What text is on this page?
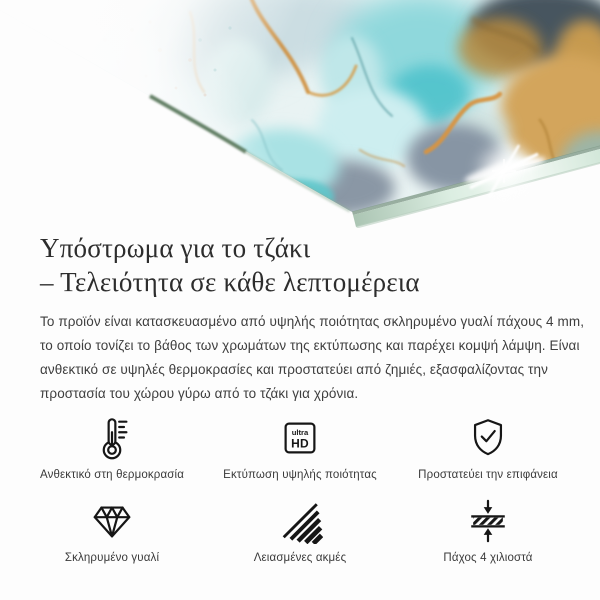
Υπόστρωμα για το τζάκι
– Τελειότητα σε κάθε λεπτομέρεια

Το προϊόν είναι κατασκευασμένο από υψηλής ποιότητας σκληρυμένο γυαλί πάχους 4 mm,
το οποίο τονίζει το βάθος των χρωμάτων της εκτύπωσης και παρέχει κομψή λάμψη. Είναι
ανθεκτικό σε υψηλές θερμοκρασίες και προστατεύει από ζημιές, εξασφαλίζοντας την
προστασία του χώρου γύρω από το τζάκι για χρόνια.

Ανθεκτικό στη θερμοκρασία
ultra
HD
Εκτύπωση υψηλής ποιότητας	Προστατεύει την επιφάνεια
Σκληρυμένο γυαλί	Λειασμένες ακμές	Πάχος 4 χιλιοστά
